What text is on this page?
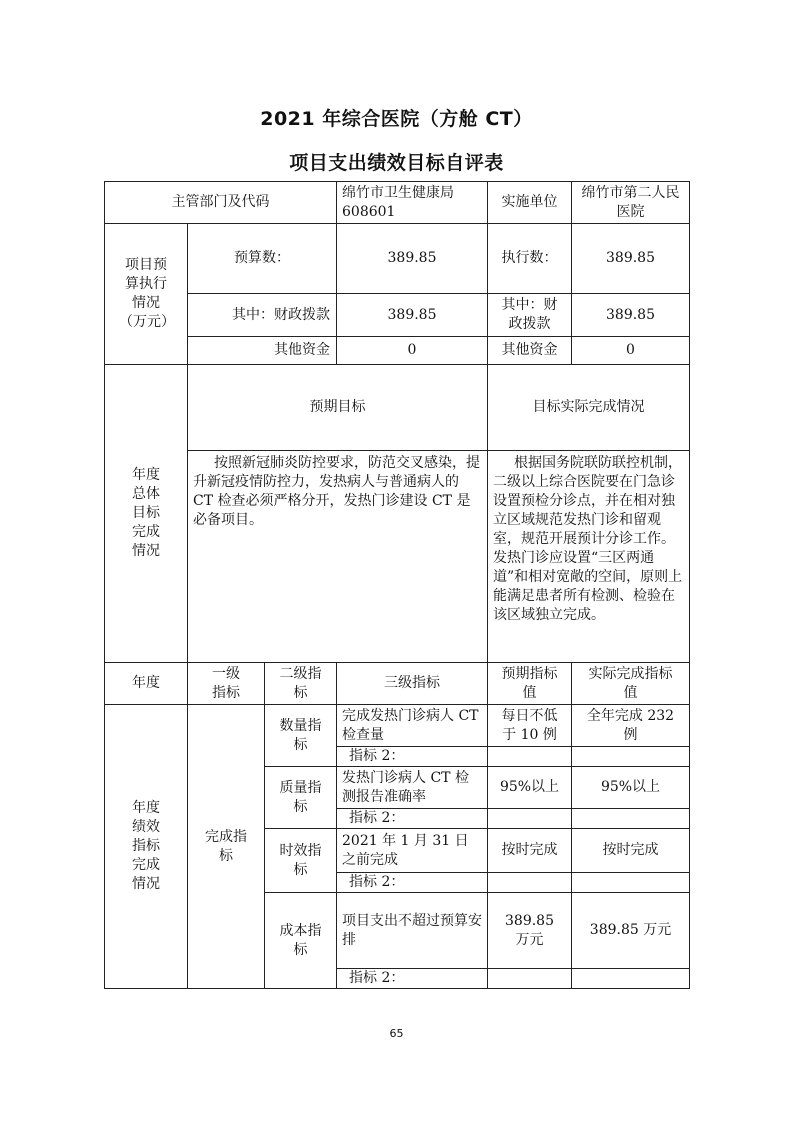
2021 年综合医院（方舱 CT）
项目支出绩效目标自评表
主管部门及代码			绵竹市卫生健康局 608601	实施单位	绵竹市第二人民医院
项目预算执行情况（万元）	预算数：		389.85	执行数：	389.85
	其中：财政拨款		389.85	其中：财政拨款	389.85
	其他资金		0	其他资金	0
年度总体目标完成情况	预期目标			目标实际完成情况	
	按照新冠肺炎防控要求，防范交叉感染，提升新冠疫情防控力，发热病人与普通病人的 CT 检查必须严格分开，发热门诊建设 CT 是必备项目。			根据国务院联防联控机制，二级以上综合医院要在门急诊设置预检分诊点，并在相对独立区域规范发热门诊和留观室，规范开展预计分诊工作。发热门诊应设置“三区两通道”和相对宽敞的空间，原则上能满足患者所有检测、检验在该区域独立完成。	
年度	一级指标	二级指标	三级指标	预期指标值	实际完成指标值
年度绩效指标完成情况	完成指标	数量指标	完成发热门诊病人 CT 检查量	每日不低于 10 例	全年完成 232 例
			指标 2：		
		质量指标	发热门诊病人 CT 检测报告准确率	95%以上	95%以上
			指标 2：		
		时效指标	2021 年 1 月 31 日之前完成	按时完成	按时完成
			指标 2：		
		成本指标	项目支出不超过预算安排	389.85 万元	389.85 万元
			指标 2：		
65
